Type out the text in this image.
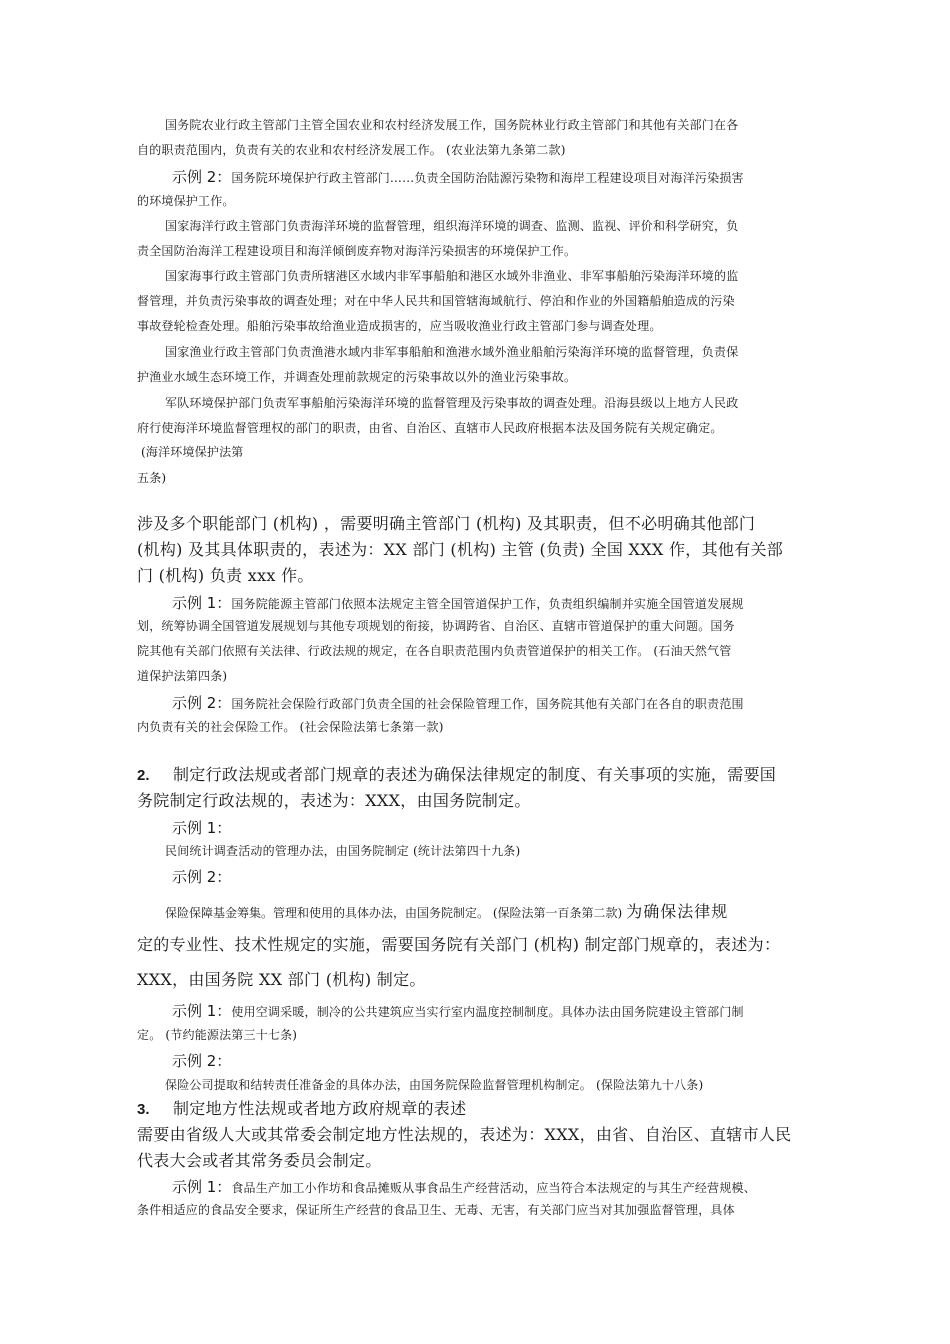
国务院农业行政主管部门主管全国农业和农村经济发展工作，国务院林业行政主管部门和其他有关部门在各

自的职责范围内，负责有关的农业和农村经济发展工作。 (农业法第九条第二款)

示例 2：国务院环境保护行政主管部门……负责全国防治陆源污染物和海岸工程建设项目对海洋污染损害

的环境保护工作。

国家海洋行政主管部门负责海洋环境的监督管理，组织海洋环境的调查、监测、监视、评价和科学研究，负

责全国防治海洋工程建设项目和海洋倾倒废弃物对海洋污染损害的环境保护工作。

国家海事行政主管部门负责所辖港区水域内非军事船舶和港区水域外非渔业、非军事船舶污染海洋环境的监

督管理，并负责污染事故的调查处理；对在中华人民共和国管辖海域航行、停泊和作业的外国籍船舶造成的污染

事故登轮检查处理。船舶污染事故给渔业造成损害的，应当吸收渔业行政主管部门参与调查处理。

国家渔业行政主管部门负责渔港水域内非军事船舶和渔港水域外渔业船舶污染海洋环境的监督管理，负责保

护渔业水域生态环境工作，并调查处理前款规定的污染事故以外的渔业污染事故。

军队环境保护部门负责军事船舶污染海洋环境的监督管理及污染事故的调查处理。沿海县级以上地方人民政

府行使海洋环境监督管理权的部门的职责，由省、自治区、直辖市人民政府根据本法及国务院有关规定确定。

(海洋环境保护法第

五条)

涉及多个职能部门 (机构) ，需要明确主管部门 (机构) 及其职责，但不必明确其他部门

(机构) 及其具体职责的，表述为：XX 部门 (机构) 主管 (负责) 全国 XXX 作，其他有关部

门 (机构) 负责 xxx 作。

示例 1：国务院能源主管部门依照本法规定主管全国管道保护工作，负责组织编制并实施全国管道发展规

划，统筹协调全国管道发展规划与其他专项规划的衔接，协调跨省、自治区、直辖市管道保护的重大问题。国务

院其他有关部门依照有关法律、行政法规的规定，在各自职责范围内负责管道保护的相关工作。 (石油天然气管

道保护法第四条)

示例 2：国务院社会保险行政部门负责全国的社会保险管理工作，国务院其他有关部门在各自的职责范围

内负责有关的社会保险工作。 (社会保险法第七条第一款)

2. 制定行政法规或者部门规章的表述为确保法律规定的制度、有关事项的实施，需要国

务院制定行政法规的，表述为：XXX，由国务院制定。

示例 1：

民间统计调查活动的管理办法，由国务院制定 (统计法第四十九条)

示例 2：

保险保障基金筹集。管理和使用的具体办法，由国务院制定。 (保险法第一百条第二款) 为确保法律规

定的专业性、技术性规定的实施，需要国务院有关部门 (机构) 制定部门规章的，表述为：

XXX，由国务院 XX 部门 (机构) 制定。

示例 1：使用空调采暖，制冷的公共建筑应当实行室内温度控制制度。具体办法由国务院建设主管部门制

定。 (节约能源法第三十七条)

示例 2：

保险公司提取和结转责任准备金的具体办法，由国务院保险监督管理机构制定。 (保险法第九十八条)

3. 制定地方性法规或者地方政府规章的表述

需要由省级人大或其常委会制定地方性法规的，表述为：XXX，由省、自治区、直辖市人民

代表大会或者其常务委员会制定。

示例 1：食品生产加工小作坊和食品摊贩从事食品生产经营活动，应当符合本法规定的与其生产经营规模、

条件相适应的食品安全要求，保证所生产经营的食品卫生、无毒、无害，有关部门应当对其加强监督管理，具体
